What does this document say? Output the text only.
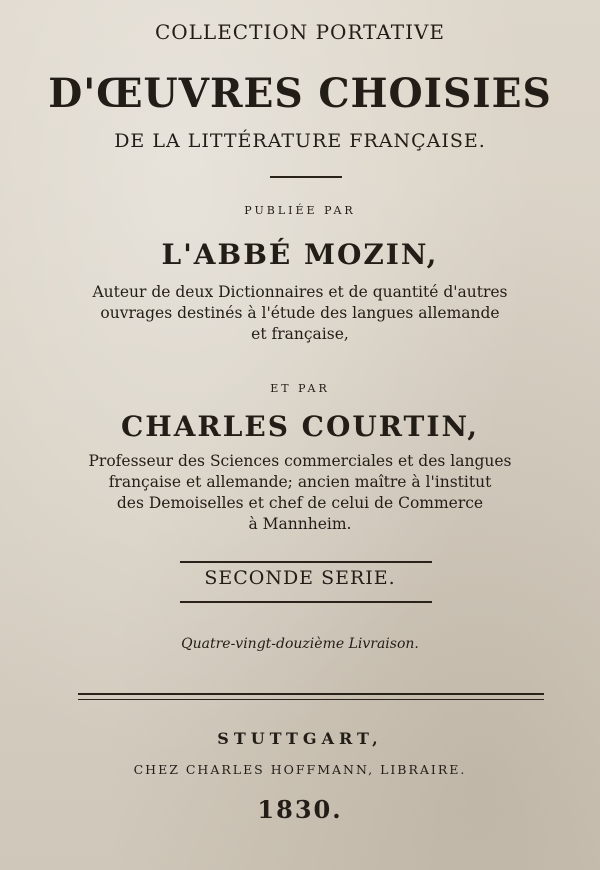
COLLECTION PORTATIVE
D'ŒUVRES CHOISIES
DE LA LITTÉRATURE FRANÇAISE.
PUBLIÉE PAR
L'ABBÉ MOZIN,
Auteur de deux Dictionnaires et de quantité d'autres
ouvrages destinés à l'étude des langues allemande
et française,
ET PAR
CHARLES COURTIN,
Professeur des Sciences commerciales et des langues
française et allemande; ancien maître à l'institut
des Demoiselles et chef de celui de Commerce
à Mannheim.
SECONDE SERIE.
Quatre-vingt-douzième Livraison.
STUTTGART,
CHEZ CHARLES HOFFMANN, LIBRAIRE.
1830.
